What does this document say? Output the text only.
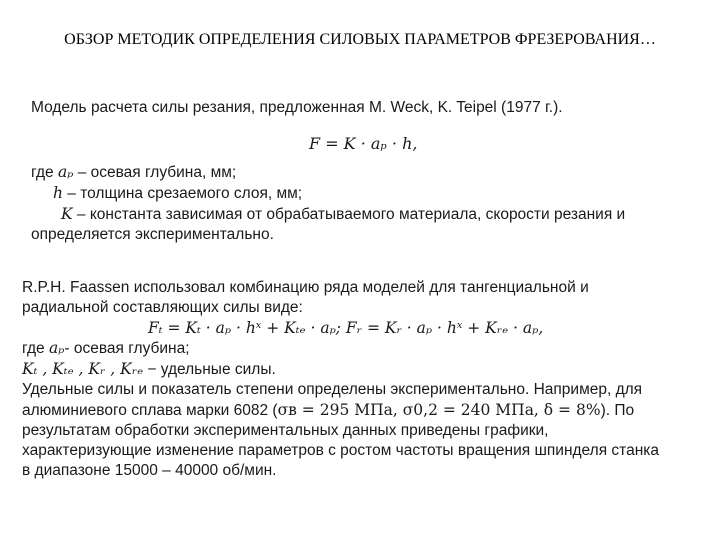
ОБЗОР МЕТОДИК ОПРЕДЕЛЕНИЯ СИЛОВЫХ ПАРАМЕТРОВ ФРЕЗЕРОВАНИЯ…
Модель расчета силы резания, предложенная M. Weck, K. Teipel (1977 г.).
F = K · aₚ · h,
где aₚ – осевая глубина, мм;
h – толщина срезаемого слоя, мм;
K – константа зависимая от обрабатываемого материала, скорости резания и
определяется экспериментально.
R.P.H. Faassen использовал комбинацию ряда моделей для тангенциальной и
радиальной составляющих силы виде:
Fₜ = Kₜ · aₚ · hˣ + Kₜₑ · aₚ; Fᵣ = Kᵣ · aₚ · hˣ + Kᵣₑ · aₚ,
где aₚ- осевая глубина;
Kₜ , Kₜₑ , Kᵣ , Kᵣₑ − удельные силы.
Удельные силы и показатель степени определены экспериментально. Например, для
алюминиевого сплава марки 6082 (σв = 295 МПа, σ0,2 = 240 МПа, δ = 8%). По
результатам обработки экспериментальных данных приведены графики,
характеризующие изменение параметров с ростом частоты вращения шпинделя станка
в диапазоне 15000 – 40000 об/мин.
